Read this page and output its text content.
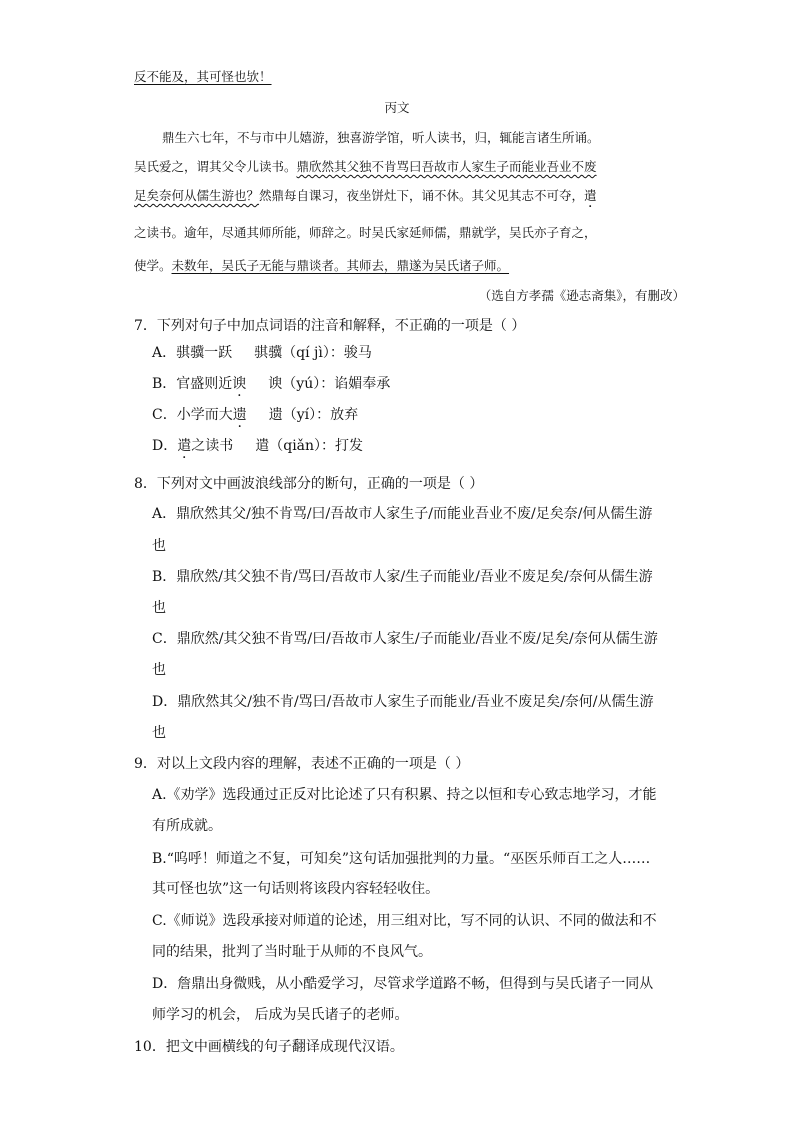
反不能及，其可怪也欤！
丙文
鼎生六七年，不与市中儿嬉游，独喜游学馆，听人读书，归，辄能言诸生所诵。
吴氏爱之，谓其父令儿读书。鼎欣然其父独不肯骂曰吾故市人家生子而能业吾业不废
足矣奈何从儒生游也？然鼎每自课习，夜坐饼灶下，诵不休。其父见其志不可夺，遣
之读书。逾年，尽通其师所能，师辞之。时吴氏家延师儒，鼎就学，吴氏亦子育之，
使学。未数年，吴氏子无能与鼎谈者。其师去，鼎遂为吴氏诸子师。
（选自方孝孺《逊志斋集》，有删改）
7．下列对句子中加点词语的注音和解释，不正确的一项是（ ）
A．骐骥一跃 骐骥（qí jì）：骏马
B．官盛则近谀 谀（yú）：谄媚奉承
C．小学而大遗 遗（yí）：放弃
D．遣之读书 遣（qiǎn）：打发
8．下列对文中画波浪线部分的断句，正确的一项是（ ）
A．鼎欣然其父/独不肯骂/曰/吾故市人家生子/而能业吾业不废/足矣奈/何从儒生游
也
B．鼎欣然/其父独不肯/骂曰/吾故市人家/生子而能业/吾业不废足矣/奈何从儒生游
也
C．鼎欣然/其父独不肯骂/曰/吾故市人家生/子而能业/吾业不废/足矣/奈何从儒生游
也
D．鼎欣然其父/独不肯/骂曰/吾故市人家生子而能业/吾业不废足矣/奈何/从儒生游
也
9．对以上文段内容的理解，表述不正确的一项是（ ）
A.《劝学》选段通过正反对比论述了只有积累、持之以恒和专心致志地学习，才能
有所成就。
B.“呜呼！师道之不复，可知矣”这句话加强批判的力量。“巫医乐师百工之人……
其可怪也欤”这一句话则将该段内容轻轻收住。
C.《师说》选段承接对师道的论述，用三组对比，写不同的认识、不同的做法和不
同的结果，批判了当时耻于从师的不良风气。
D．詹鼎出身微贱，从小酷爱学习，尽管求学道路不畅，但得到与吴氏诸子一同从
师学习的机会， 后成为吴氏诸子的老师。
10．把文中画横线的句子翻译成现代汉语。
